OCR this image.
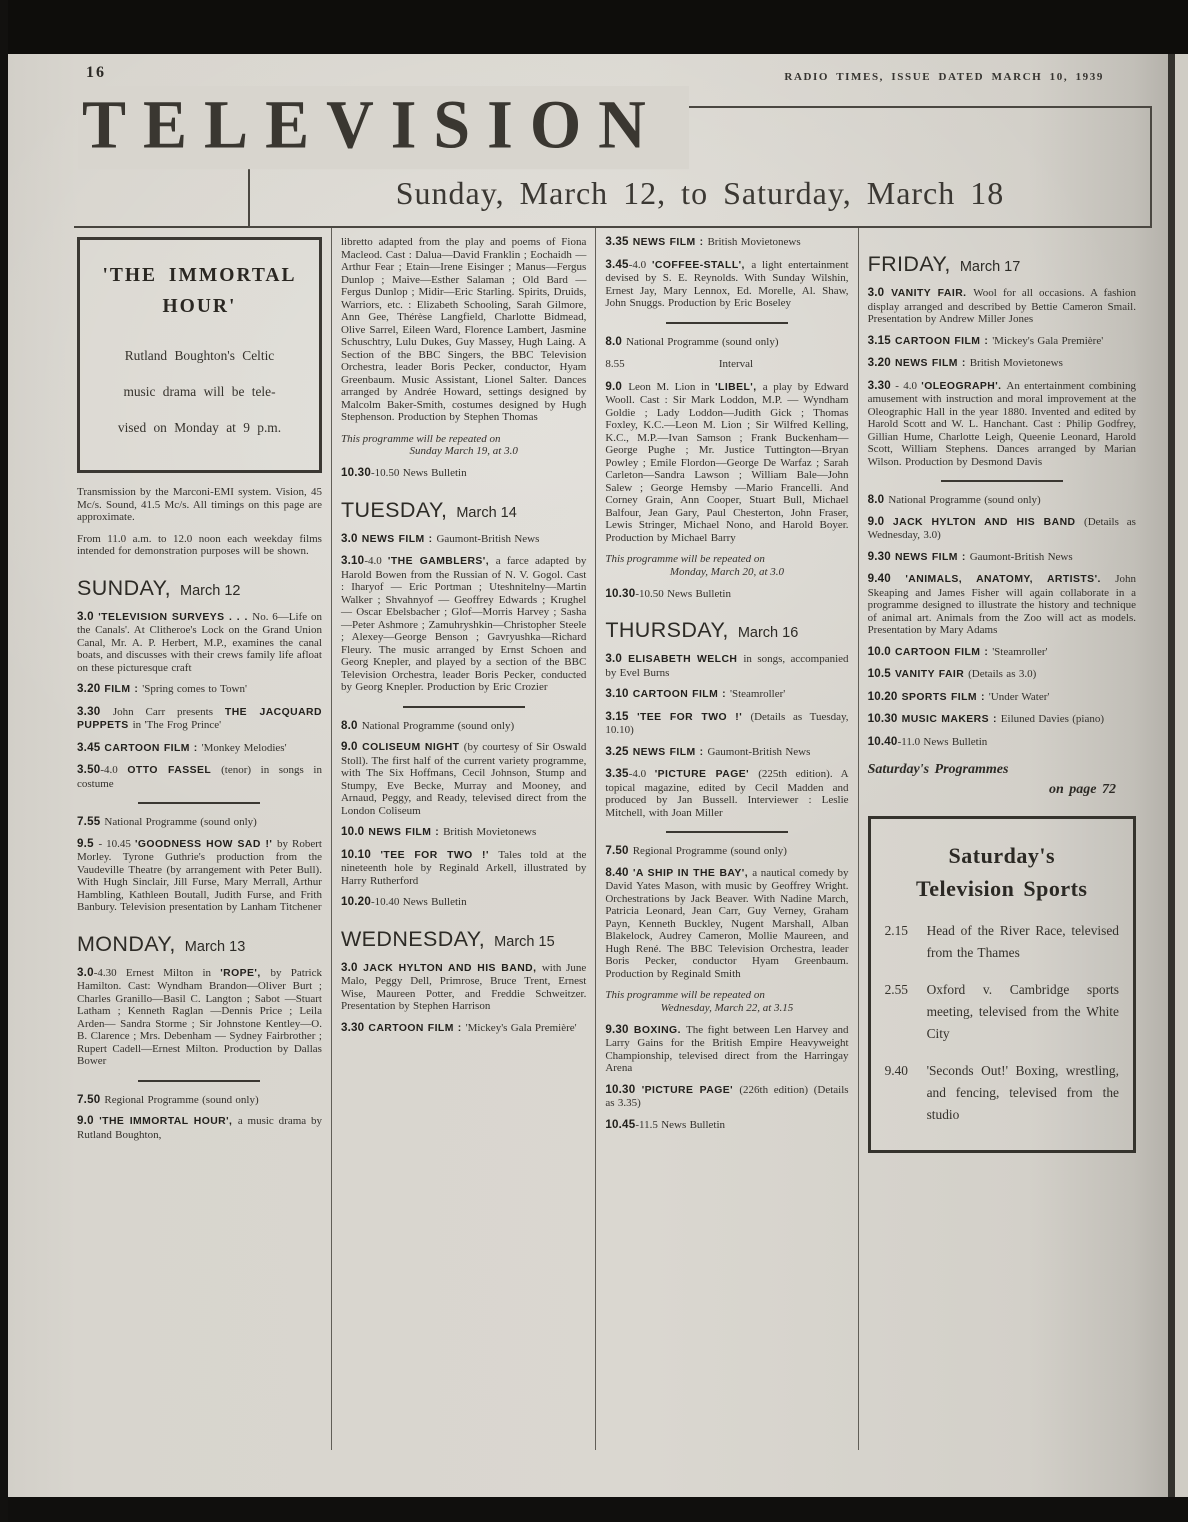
16	RADIO TIMES, ISSUE DATED MARCH 10, 1939
TELEVISION
Sunday, March 12, to Saturday, March 18
'THE IMMORTAL
HOUR'
Rutland Boughton's Celtic
music drama will be tele-
vised on Monday at 9 p.m.

Transmission by the Marconi-EMI system. Vision, 45 Mc/s. Sound, 41.5 Mc/s. All timings on this page are approximate.

From 11.0 a.m. to 12.0 noon each weekday films intended for demonstration purposes will be shown.

SUNDAY, March 12

3.0 'TELEVISION SURVEYS . . . No. 6—Life on the Canals'. At Clitheroe's Lock on the Grand Union Canal, Mr. A. P. Herbert, M.P., examines the canal boats, and discusses with their crews family life afloat on these picturesque craft

3.20 FILM : 'Spring comes to Town'

3.30 John Carr presents THE JACQUARD PUPPETS in 'The Frog Prince'

3.45 CARTOON FILM : 'Monkey Melodies'

3.50-4.0 OTTO FASSEL (tenor) in songs in costume

7.55 National Programme (sound only)

9.5 - 10.45 'GOODNESS HOW SAD !' by Robert Morley. Tyrone Guthrie's production from the Vaudeville Theatre (by arrangement with Peter Bull). With Hugh Sinclair, Jill Furse, Mary Merrall, Arthur Hambling, Kathleen Boutall, Judith Furse, and Frith Banbury. Television presentation by Lanham Titchener

MONDAY, March 13

3.0-4.30 Ernest Milton in 'ROPE', by Patrick Hamilton. Cast: Wyndham Brandon—Oliver Burt ; Charles Granillo—Basil C. Langton ; Sabot —Stuart Latham ; Kenneth Raglan —Dennis Price ; Leila Arden— Sandra Storme ; Sir Johnstone Kentley—O. B. Clarence ; Mrs. Debenham — Sydney Fairbrother ; Rupert Cadell—Ernest Milton. Production by Dallas Bower

7.50 Regional Programme (sound only)

9.0 'THE IMMORTAL HOUR', a music drama by Rutland Boughton,

libretto adapted from the play and poems of Fiona Macleod. Cast : Dalua—David Franklin ; Eochaidh —Arthur Fear ; Etain—Irene Eisinger ; Manus—Fergus Dunlop ; Maive—Esther Salaman ; Old Bard —Fergus Dunlop ; Midir—Eric Starling. Spirits, Druids, Warriors, etc. : Elizabeth Schooling, Sarah Gilmore, Ann Gee, Thérèse Langfield, Charlotte Bidmead, Olive Sarrel, Eileen Ward, Florence Lambert, Jasmine Schuschtry, Lulu Dukes, Guy Massey, Hugh Laing. A Section of the BBC Singers, the BBC Television Orchestra, leader Boris Pecker, conductor, Hyam Greenbaum. Music Assistant, Lionel Salter. Dances arranged by Andrée Howard, settings designed by Malcolm Baker-Smith, costumes designed by Hugh Stephenson. Production by Stephen Thomas

This programme will be repeated on
Sunday March 19, at 3.0

10.30-10.50 News Bulletin

TUESDAY, March 14

3.0 NEWS FILM : Gaumont-British News

3.10-4.0 'THE GAMBLERS', a farce adapted by Harold Bowen from the Russian of N. V. Gogol. Cast : Iharyof — Eric Portman ; Uteshnitelny—Martin Walker ; Shvahnyof — Geoffrey Edwards ; Krughel — Oscar Ebelsbacher ; Glof—Morris Harvey ; Sasha—Peter Ashmore ; Zamuhryshkin—Christopher Steele ; Alexey—George Benson ; Gavryushka—Richard Fleury. The music arranged by Ernst Schoen and Georg Knepler, and played by a section of the BBC Television Orchestra, leader Boris Pecker, conducted by Georg Knepler. Production by Eric Crozier

8.0 National Programme (sound only)

9.0 COLISEUM NIGHT (by courtesy of Sir Oswald Stoll). The first half of the current variety programme, with The Six Hoffmans, Cecil Johnson, Stump and Stumpy, Eve Becke, Murray and Mooney, and Arnaud, Peggy, and Ready, televised direct from the London Coliseum

10.0 NEWS FILM : British Movietonews

10.10 'TEE FOR TWO !' Tales told at the nineteenth hole by Reginald Arkell, illustrated by Harry Rutherford

10.20-10.40 News Bulletin

WEDNESDAY, March 15

3.0 JACK HYLTON AND HIS BAND, with June Malo, Peggy Dell, Primrose, Bruce Trent, Ernest Wise, Maureen Potter, and Freddie Schweitzer. Presentation by Stephen Harrison

3.30 CARTOON FILM : 'Mickey's Gala Première'

3.35 NEWS FILM : British Movietonews

3.45-4.0 'COFFEE-STALL', a light entertainment devised by S. E. Reynolds. With Sunday Wilshin, Ernest Jay, Mary Lennox, Ed. Morelle, Al. Shaw, John Snuggs. Production by Eric Boseley

8.0 National Programme (sound only)

8.55	Interval

9.0 Leon M. Lion in 'LIBEL', a play by Edward Wooll. Cast : Sir Mark Loddon, M.P. — Wyndham Goldie ; Lady Loddon—Judith Gick ; Thomas Foxley, K.C.—Leon M. Lion ; Sir Wilfred Kelling, K.C., M.P.—Ivan Samson ; Frank Buckenham—George Pughe ; Mr. Justice Tuttington—Bryan Powley ; Emile Flordon—George De Warfaz ; Sarah Carleton—Sandra Lawson ; William Bale—John Salew ; George Hemsby —Mario Francelli. And Corney Grain, Ann Cooper, Stuart Bull, Michael Balfour, Jean Gary, Paul Chesterton, John Fraser, Lewis Stringer, Michael Nono, and Harold Boyer. Production by Michael Barry

This programme will be repeated on
Monday, March 20, at 3.0

10.30-10.50 News Bulletin

THURSDAY, March 16

3.0 ELISABETH WELCH in songs, accompanied by Evel Burns

3.10 CARTOON FILM : 'Steamroller'

3.15 'TEE FOR TWO !' (Details as Tuesday, 10.10)

3.25 NEWS FILM : Gaumont-British News

3.35-4.0 'PICTURE PAGE' (225th edition). A topical magazine, edited by Cecil Madden and produced by Jan Bussell. Interviewer : Leslie Mitchell, with Joan Miller

7.50 Regional Programme (sound only)

8.40 'A SHIP IN THE BAY', a nautical comedy by David Yates Mason, with music by Geoffrey Wright. Orchestrations by Jack Beaver. With Nadine March, Patricia Leonard, Jean Carr, Guy Verney, Graham Payn, Kenneth Buckley, Nugent Marshall, Alban Blakelock, Audrey Cameron, Mollie Maureen, and Hugh René. The BBC Television Orchestra, leader Boris Pecker, conductor Hyam Greenbaum. Production by Reginald Smith

This programme will be repeated on
Wednesday, March 22, at 3.15

9.30 BOXING. The fight between Len Harvey and Larry Gains for the British Empire Heavyweight Championship, televised direct from the Harringay Arena

10.30 'PICTURE PAGE' (226th edition) (Details as 3.35)

10.45-11.5 News Bulletin

FRIDAY, March 17

3.0 VANITY FAIR. Wool for all occasions. A fashion display arranged and described by Bettie Cameron Smail. Presentation by Andrew Miller Jones

3.15 CARTOON FILM : 'Mickey's Gala Première'

3.20 NEWS FILM : British Movietonews

3.30 - 4.0 'OLEOGRAPH'. An entertainment combining amusement with instruction and moral improvement at the Oleographic Hall in the year 1880. Invented and edited by Harold Scott and W. L. Hanchant. Cast : Philip Godfrey, Gillian Hume, Charlotte Leigh, Queenie Leonard, Harold Scott, William Stephens. Dances arranged by Marian Wilson. Production by Desmond Davis

8.0 National Programme (sound only)

9.0 JACK HYLTON AND HIS BAND (Details as Wednesday, 3.0)

9.30 NEWS FILM : Gaumont-British News

9.40 'ANIMALS, ANATOMY, ARTISTS'. John Skeaping and James Fisher will again collaborate in a programme designed to illustrate the history and technique of animal art. Animals from the Zoo will act as models. Presentation by Mary Adams

10.0 CARTOON FILM : 'Steamroller'

10.5 VANITY FAIR (Details as 3.0)

10.20 SPORTS FILM : 'Under Water'

10.30 MUSIC MAKERS : Eiluned Davies (piano)

10.40-11.0 News Bulletin

Saturday's Programmes
on page 72

Saturday's
Television Sports
2.15	Head of the River Race, televised from the Thames
2.55	Oxford v. Cambridge sports meeting, televised from the White City
9.40	'Seconds Out!' Boxing, wrestling, and fencing, televised from the studio
